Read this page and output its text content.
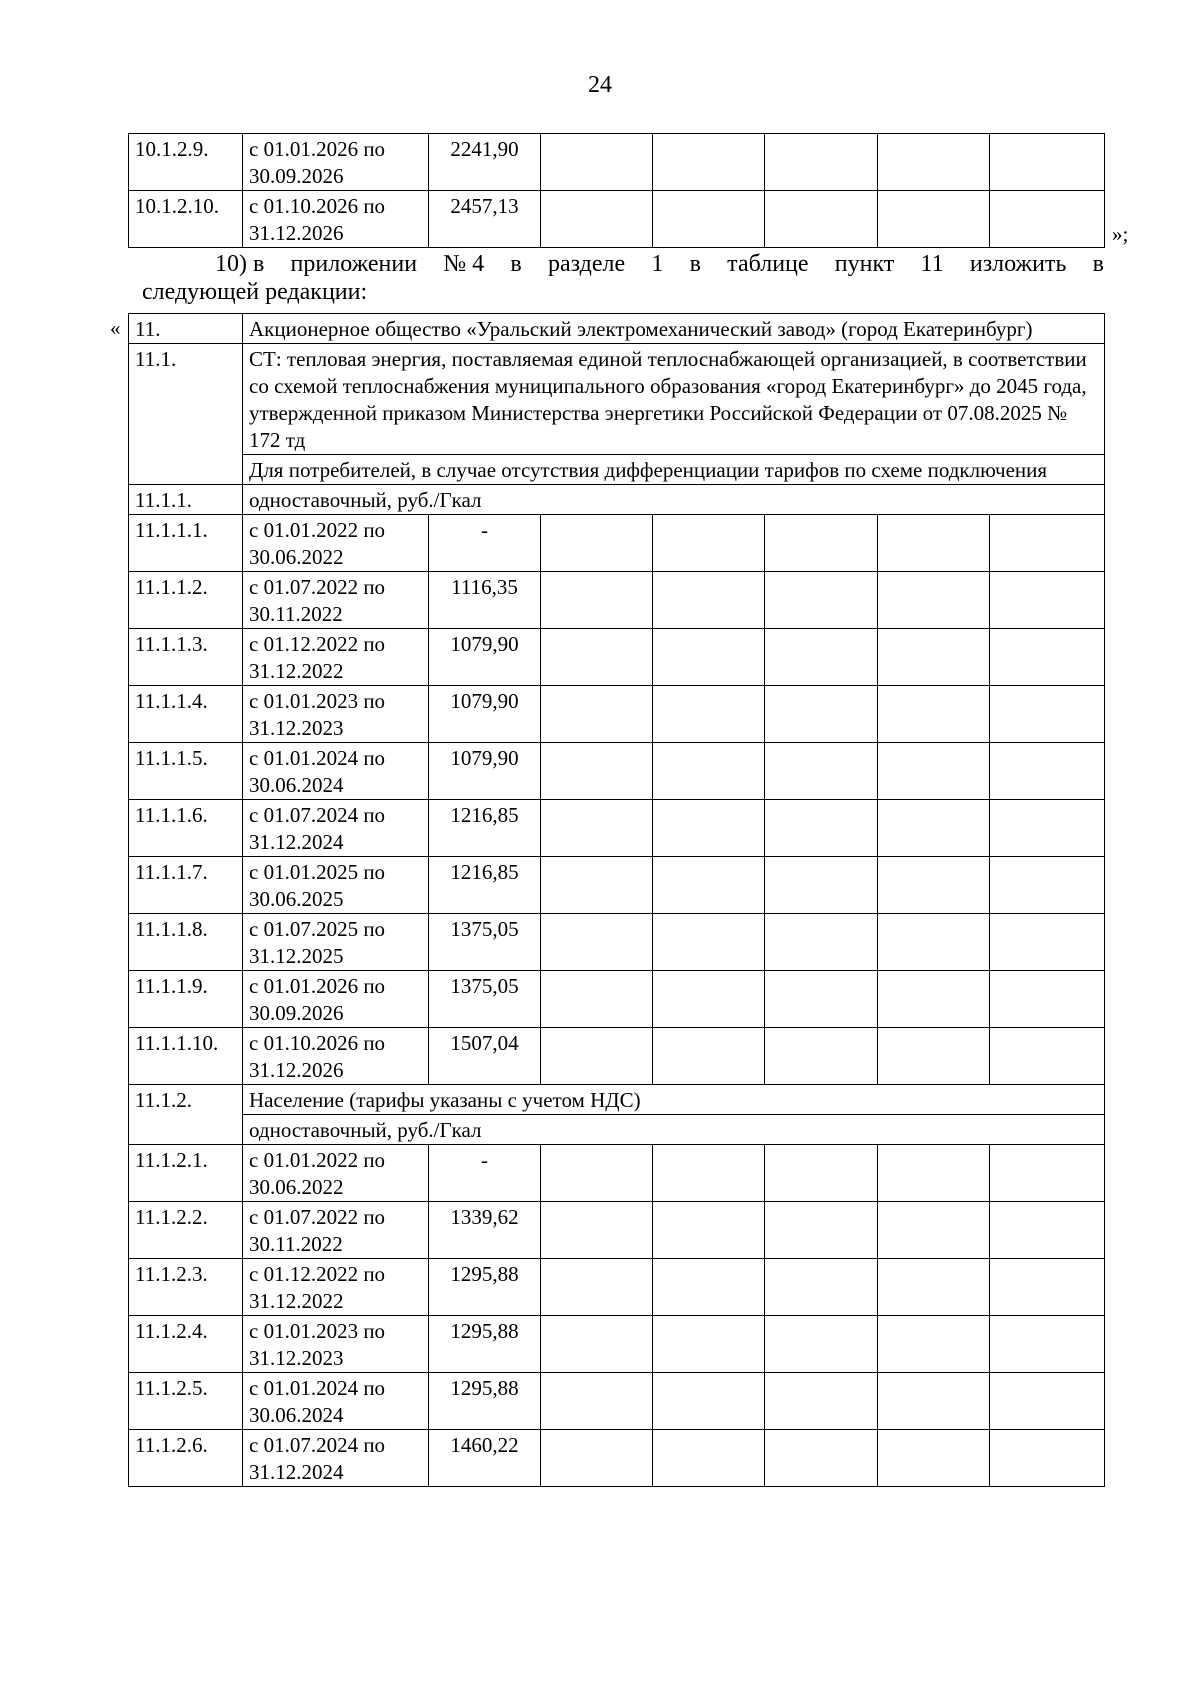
24
10.1.2.9.	с 01.01.2026 по
30.09.2026	2241,90					
10.1.2.10.	с 01.10.2026 по
31.12.2026	2457,13					
»;
10) в приложении № 4 в разделе 1 в таблице пункт 11 изложить в
следующей редакции:
« 11.	Акционерное общество «Уральский электромеханический завод» (город Екатеринбург)						
11.1.	СТ: тепловая энергия, поставляемая единой теплоснабжающей организацией, в соответствии со схемой теплоснабжения муниципального образования «город Екатеринбург» до 2045 года, утвержденной приказом Министерства энергетики Российской Федерации от 07.08.2025 № 172 тд						
	Для потребителей, в случае отсутствия дифференциации тарифов по схеме подключения						
11.1.1.	одноставочный, руб./Гкал						
11.1.1.1.	с 01.01.2022 по
30.06.2022	-					
11.1.1.2.	с 01.07.2022 по
30.11.2022	1116,35					
11.1.1.3.	с 01.12.2022 по
31.12.2022	1079,90					
11.1.1.4.	с 01.01.2023 по
31.12.2023	1079,90					
11.1.1.5.	с 01.01.2024 по
30.06.2024	1079,90					
11.1.1.6.	с 01.07.2024 по
31.12.2024	1216,85					
11.1.1.7.	с 01.01.2025 по
30.06.2025	1216,85					
11.1.1.8.	с 01.07.2025 по
31.12.2025	1375,05					
11.1.1.9.	с 01.01.2026 по
30.09.2026	1375,05					
11.1.1.10.	с 01.10.2026 по
31.12.2026	1507,04					
11.1.2.	Население (тарифы указаны с учетом НДС)						
	одноставочный, руб./Гкал						
11.1.2.1.	с 01.01.2022 по
30.06.2022	-					
11.1.2.2.	с 01.07.2022 по
30.11.2022	1339,62					
11.1.2.3.	с 01.12.2022 по
31.12.2022	1295,88					
11.1.2.4.	с 01.01.2023 по
31.12.2023	1295,88					
11.1.2.5.	с 01.01.2024 по
30.06.2024	1295,88					
11.1.2.6.	с 01.07.2024 по
31.12.2024	1460,22					
